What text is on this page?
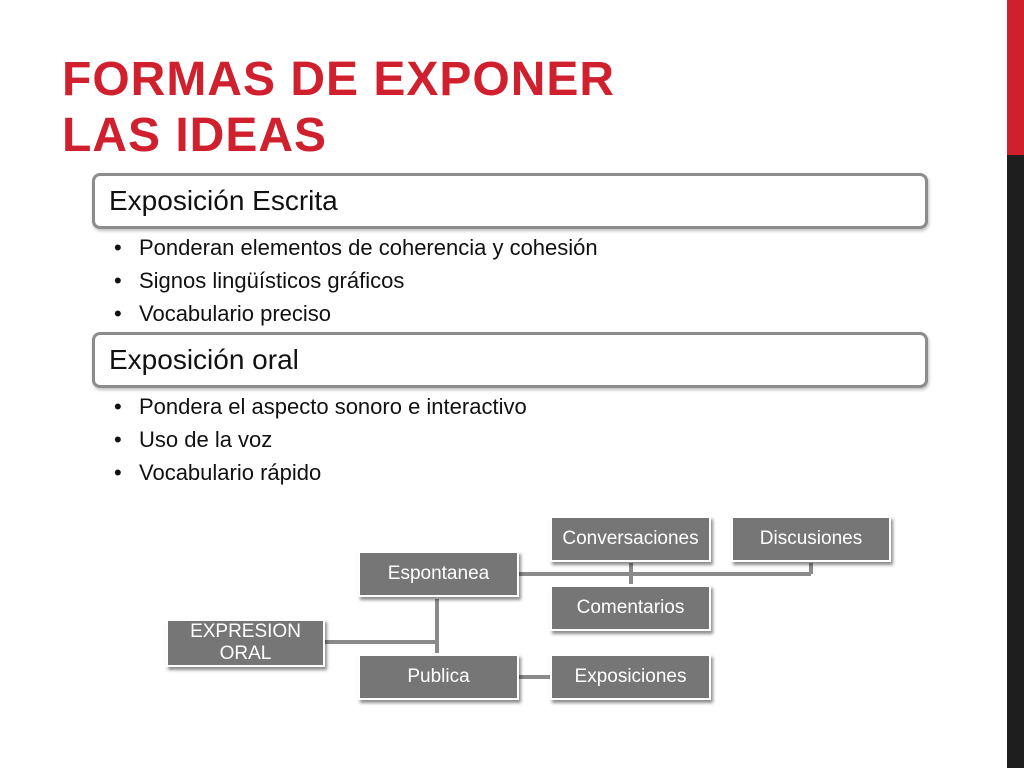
FORMAS DE EXPONER
LAS IDEAS
Exposición Escrita
• Ponderan elementos de coherencia y cohesión
• Signos lingüísticos gráficos
• Vocabulario preciso
Exposición oral
• Pondera el aspecto sonoro e interactivo
• Uso de la voz
• Vocabulario rápido
EXPRESION ORAL
Espontanea
Publica
Conversaciones	Discusiones
Comentarios
Exposiciones
